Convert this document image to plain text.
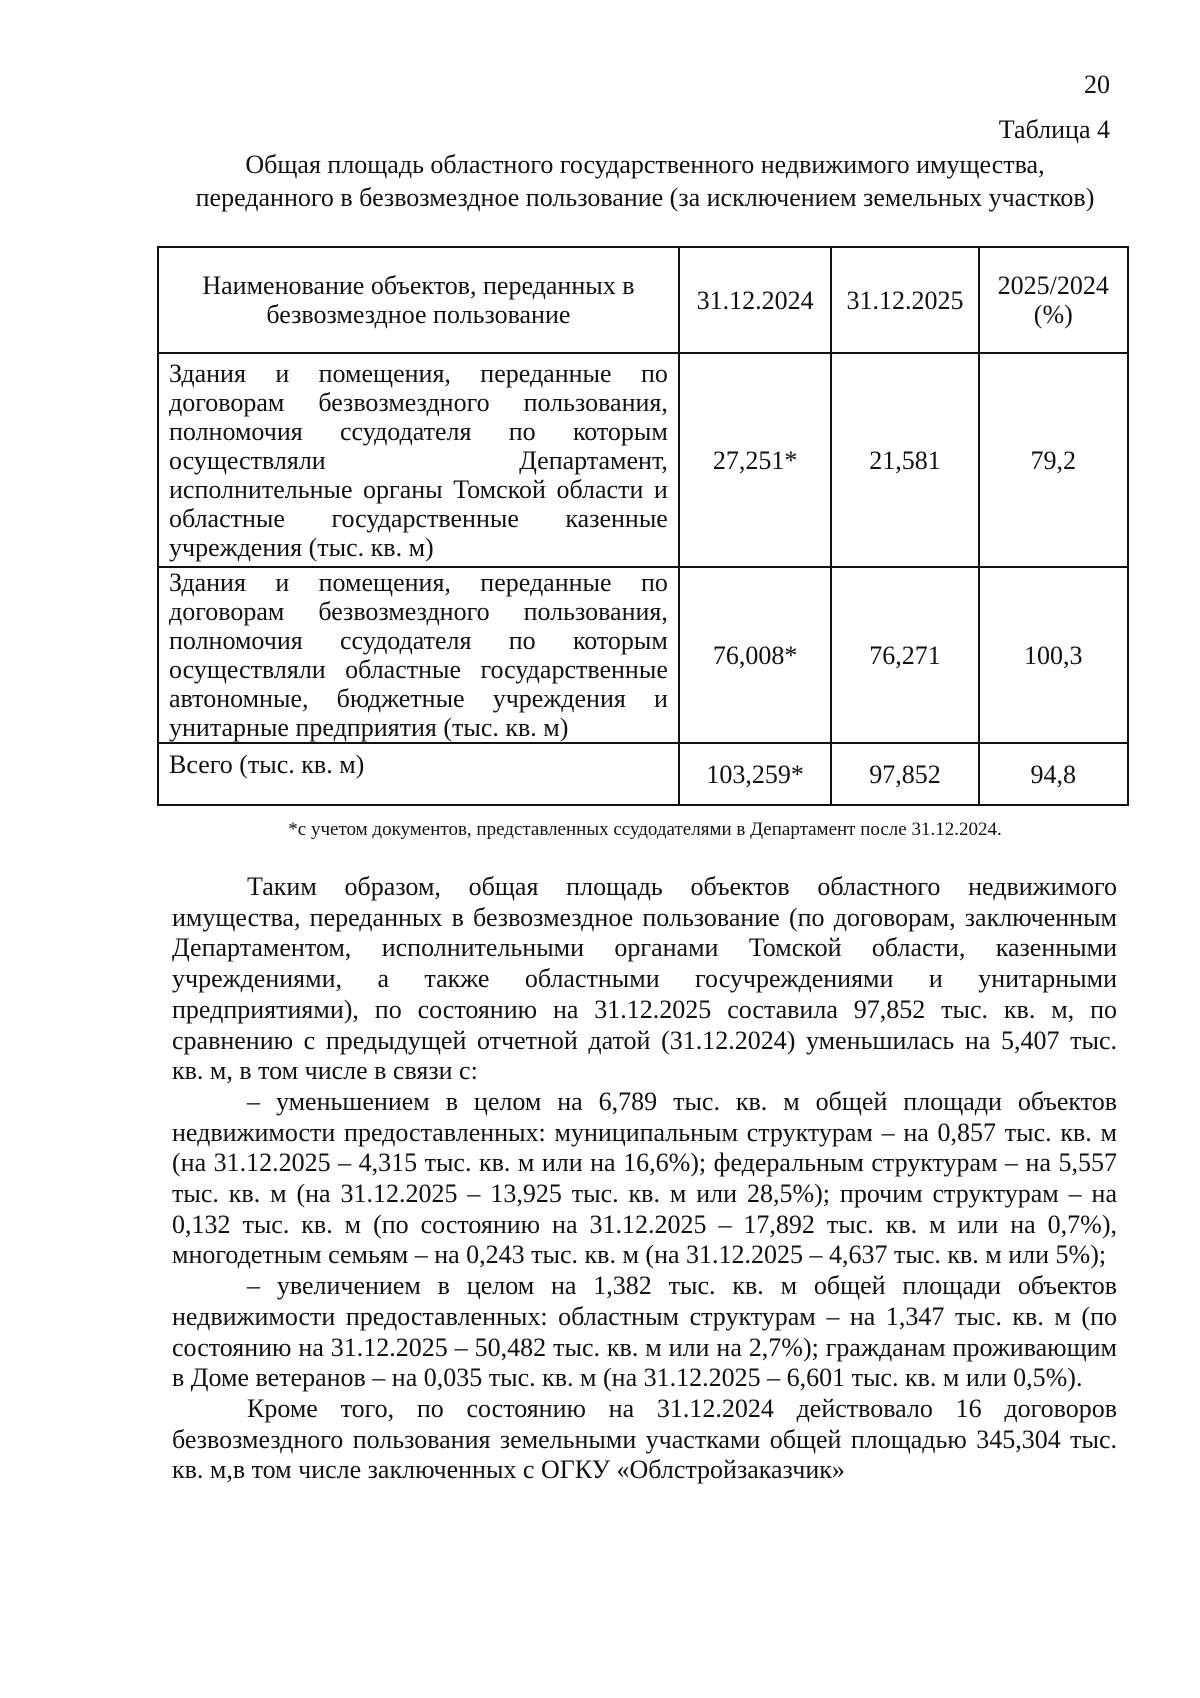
20
Таблица 4
Общая площадь областного государственного недвижимого имущества,
переданного в безвозмездное пользование (за исключением земельных участков)
Наименование объектов, переданных в безвозмездное пользование	31.12.2024	31.12.2025	2025/2024 (%)
Здания и помещения, переданные по договорам безвозмездного пользования, полномочия ссудодателя по которым осуществляли Департамент, исполнительные органы Томской области и областные государственные казенные учреждения (тыс. кв. м)	27,251*	21,581	79,2
Здания и помещения, переданные по договорам безвозмездного пользования, полномочия ссудодателя по которым осуществляли областные государственные автономные, бюджетные учреждения и унитарные предприятия (тыс. кв. м)	76,008*	76,271	100,3
Всего (тыс. кв. м)	103,259*	97,852	94,8
*с учетом документов, представленных ссудодателями в Департамент после 31.12.2024.

Таким образом, общая площадь объектов областного недвижимого имущества, переданных в безвозмездное пользование (по договорам, заключенным Департаментом, исполнительными органами Томской области, казенными учреждениями, а также областными госучреждениями и унитарными предприятиями), по состоянию на 31.12.2025 составила 97,852 тыс. кв. м, по сравнению с предыдущей отчетной датой (31.12.2024) уменьшилась на 5,407 тыс. кв. м, в том числе в связи с:

– уменьшением в целом на 6,789 тыс. кв. м общей площади объектов недвижимости предоставленных: муниципальным структурам – на 0,857 тыс. кв. м (на 31.12.2025 – 4,315 тыс. кв. м или на 16,6%); федеральным структурам – на 5,557 тыс. кв. м (на 31.12.2025 – 13,925 тыс. кв. м или 28,5%); прочим структурам – на 0,132 тыс. кв. м (по состоянию на 31.12.2025 – 17,892 тыс. кв. м или на 0,7%), многодетным семьям – на 0,243 тыс. кв. м (на 31.12.2025 – 4,637 тыс. кв. м или 5%);

– увеличением в целом на 1,382 тыс. кв. м общей площади объектов недвижимости предоставленных: областным структурам – на 1,347 тыс. кв. м (по состоянию на 31.12.2025 – 50,482 тыс. кв. м или на 2,7%); гражданам проживающим в Доме ветеранов – на 0,035 тыс. кв. м (на 31.12.2025 – 6,601 тыс. кв. м или 0,5%).

Кроме того, по состоянию на 31.12.2024 действовало 16 договоров безвозмездного пользования земельными участками общей площадью 345,304 тыс. кв. м,в том числе заключенных с ОГКУ «Облстройзаказчик»
